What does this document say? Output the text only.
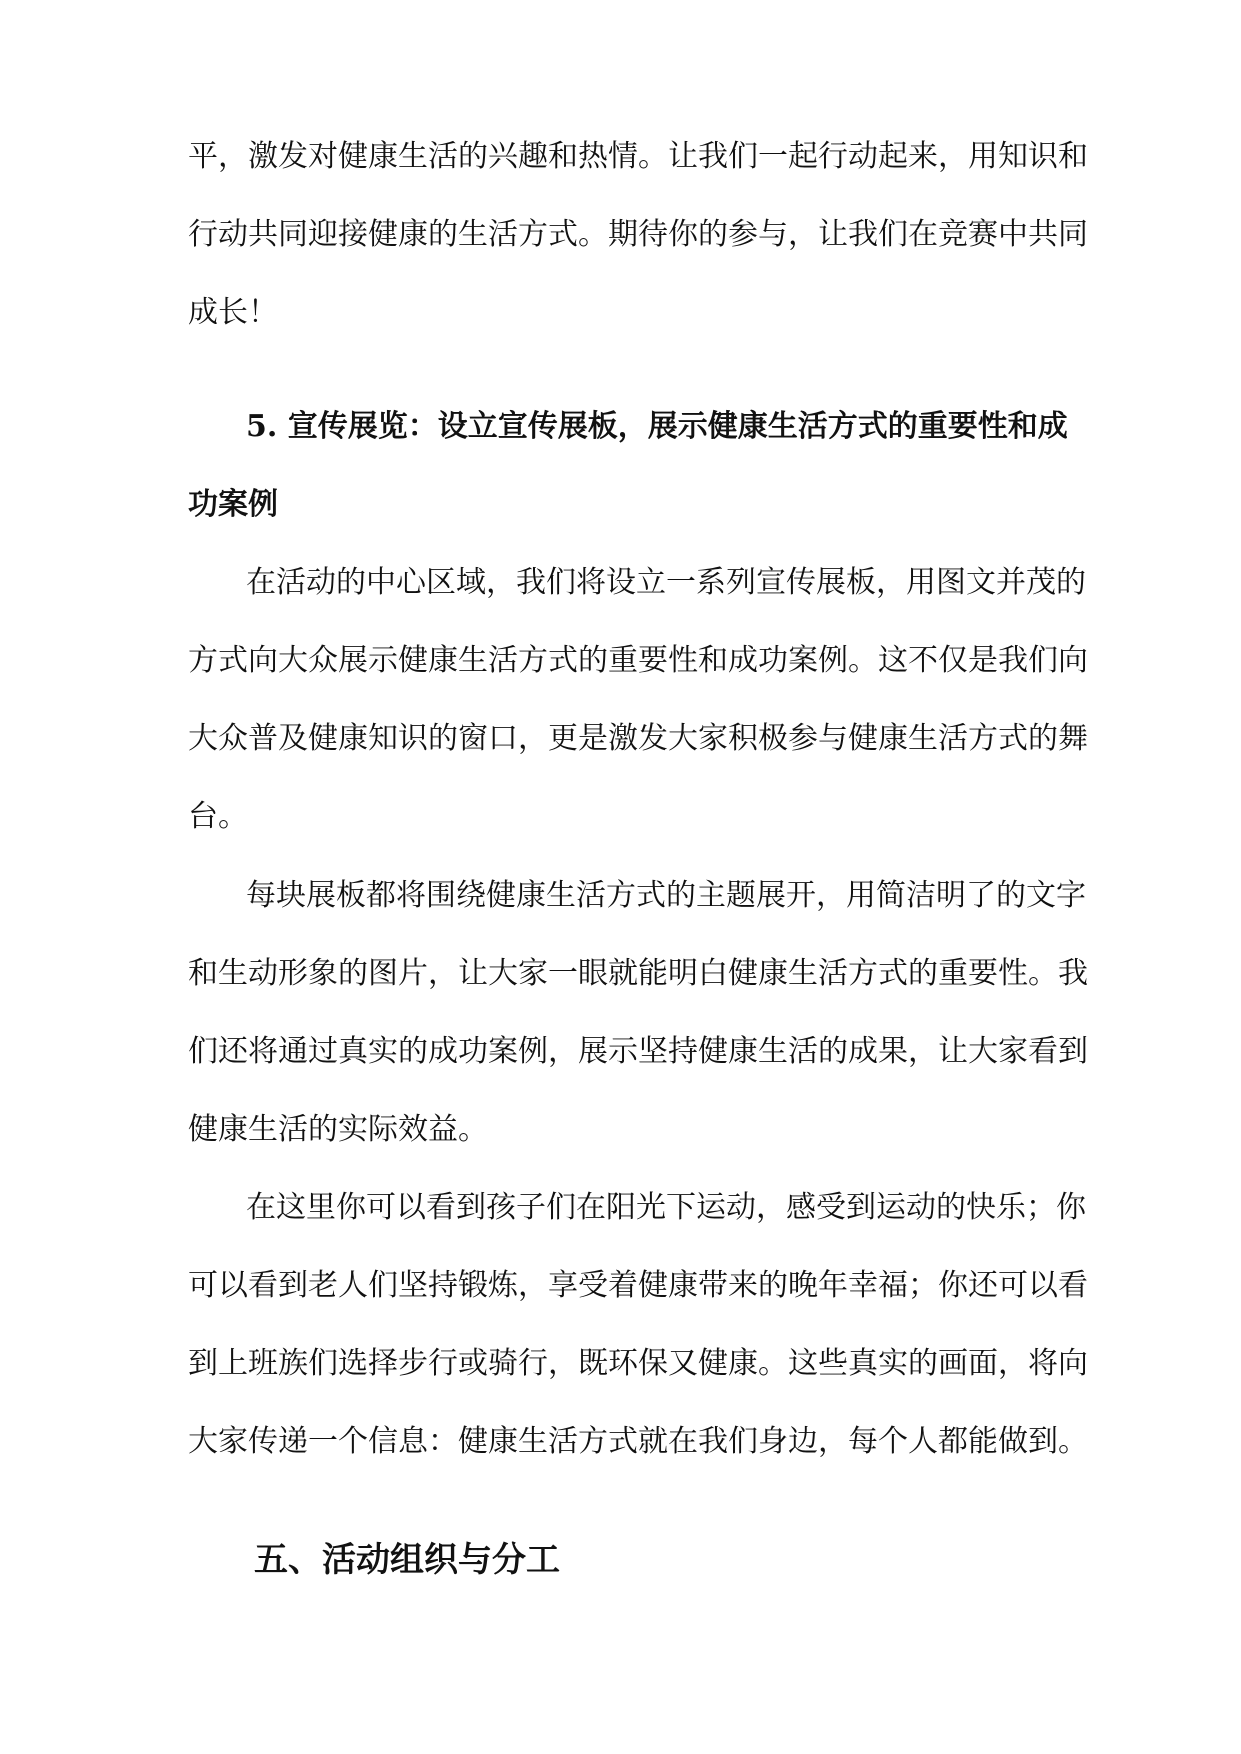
平，激发对健康生活的兴趣和热情。让我们一起行动起来，用知识和
行动共同迎接健康的生活方式。期待你的参与，让我们在竞赛中共同
成长！
5. 宣传展览：设立宣传展板，展示健康生活方式的重要性和成
功案例
在活动的中心区域，我们将设立一系列宣传展板，用图文并茂的
方式向大众展示健康生活方式的重要性和成功案例。这不仅是我们向
大众普及健康知识的窗口，更是激发大家积极参与健康生活方式的舞
台。
每块展板都将围绕健康生活方式的主题展开，用简洁明了的文字
和生动形象的图片，让大家一眼就能明白健康生活方式的重要性。我
们还将通过真实的成功案例，展示坚持健康生活的成果，让大家看到
健康生活的实际效益。
在这里你可以看到孩子们在阳光下运动，感受到运动的快乐；你
可以看到老人们坚持锻炼，享受着健康带来的晚年幸福；你还可以看
到上班族们选择步行或骑行，既环保又健康。这些真实的画面，将向
大家传递一个信息：健康生活方式就在我们身边，每个人都能做到。
五、活动组织与分工
